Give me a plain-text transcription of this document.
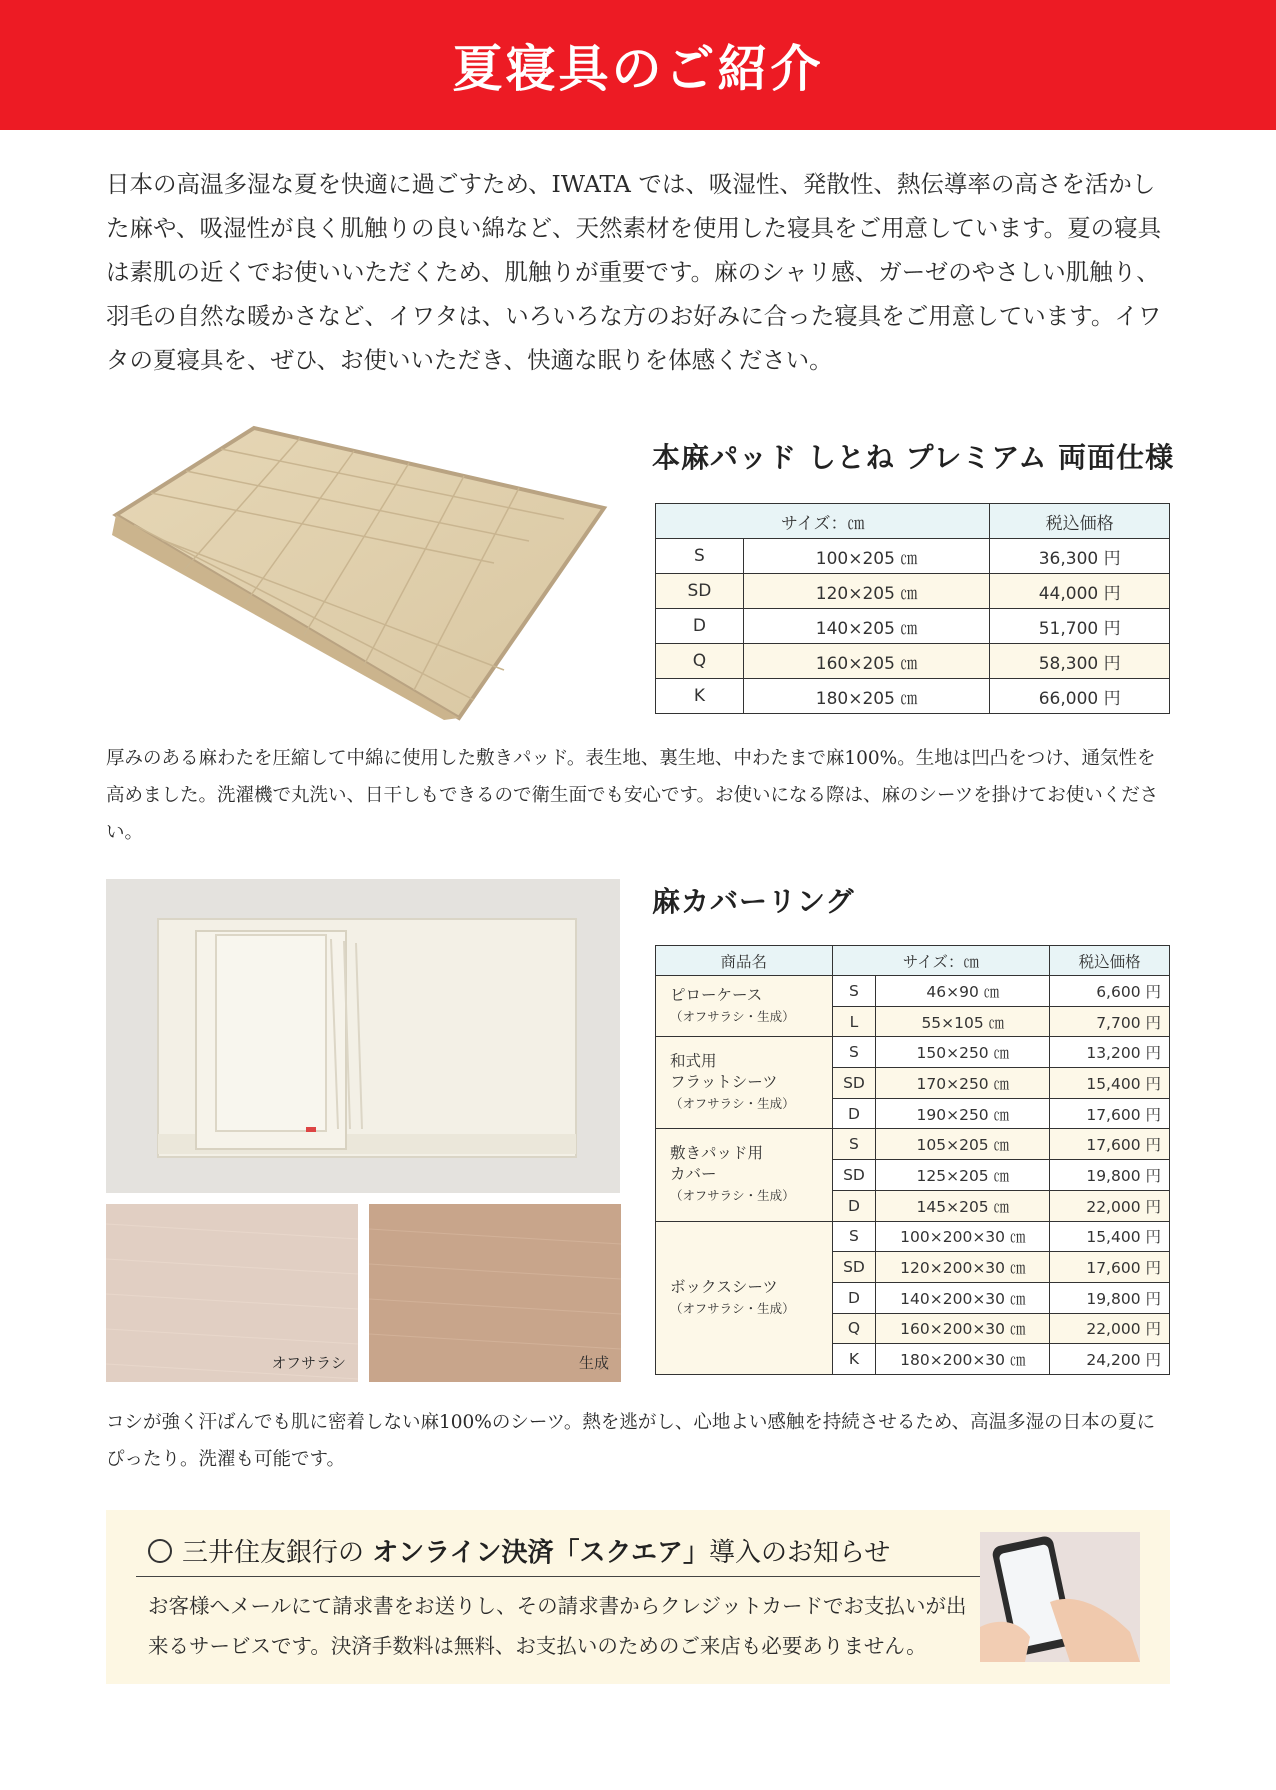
夏寝具のご紹介

日本の高温多湿な夏を快適に過ごすため、IWATA では、吸湿性、発散性、熱伝導率の高さを活かした麻や、吸湿性が良く肌触りの良い綿など、天然素材を使用した寝具をご用意しています。夏の寝具は素肌の近くでお使いいただくため、肌触りが重要です。麻のシャリ感、ガーゼのやさしい肌触り、羽毛の自然な暖かさなど、イワタは、いろいろな方のお好みに合った寝具をご用意しています。イワタの夏寝具を、ぜひ、お使いいただき、快適な眠りを体感ください。

本麻パッド しとね プレミアム 両面仕様
サイズ：㎝		税込価格
S	100×205 ㎝	36,300 円
SD	120×205 ㎝	44,000 円
D	140×205 ㎝	51,700 円
Q	160×205 ㎝	58,300 円
K	180×205 ㎝	66,000 円

厚みのある麻わたを圧縮して中綿に使用した敷きパッド。表生地、裏生地、中わたまで麻100%。生地は凹凸をつけ、通気性を高めました。洗濯機で丸洗い、日干しもできるので衛生面でも安心です。お使いになる際は、麻のシーツを掛けてお使いください。

オフサラシ	生成
麻カバーリング
商品名	サイズ：㎝		税込価格

ピローケース
（オフサラシ・生成）	S	46×90 ㎝	6,600 円
	L	55×105 ㎝	7,700 円

和式用
フラットシーツ
（オフサラシ・生成）	S	150×250 ㎝	13,200 円
	SD	170×250 ㎝	15,400 円
	D	190×250 ㎝	17,600 円

敷きパッド用
カバー
（オフサラシ・生成）	S	105×205 ㎝	17,600 円
	SD	125×205 ㎝	19,800 円
	D	145×205 ㎝	22,000 円

ボックスシーツ
（オフサラシ・生成）	S	100×200×30 ㎝	15,400 円
	SD	120×200×30 ㎝	17,600 円
	D	140×200×30 ㎝	19,800 円
	Q	160×200×30 ㎝	22,000 円
	K	180×200×30 ㎝	24,200 円

コシが強く汗ばんでも肌に密着しない麻100%のシーツ。熱を逃がし、心地よい感触を持続させるため、高温多湿の日本の夏にぴったり。洗濯も可能です。

三井住友銀行の オンライン決済「スクエア」導入のお知らせ

お客様へメールにて請求書をお送りし、その請求書からクレジットカードでお支払いが出来るサービスです。決済手数料は無料、お支払いのためのご来店も必要ありません。
